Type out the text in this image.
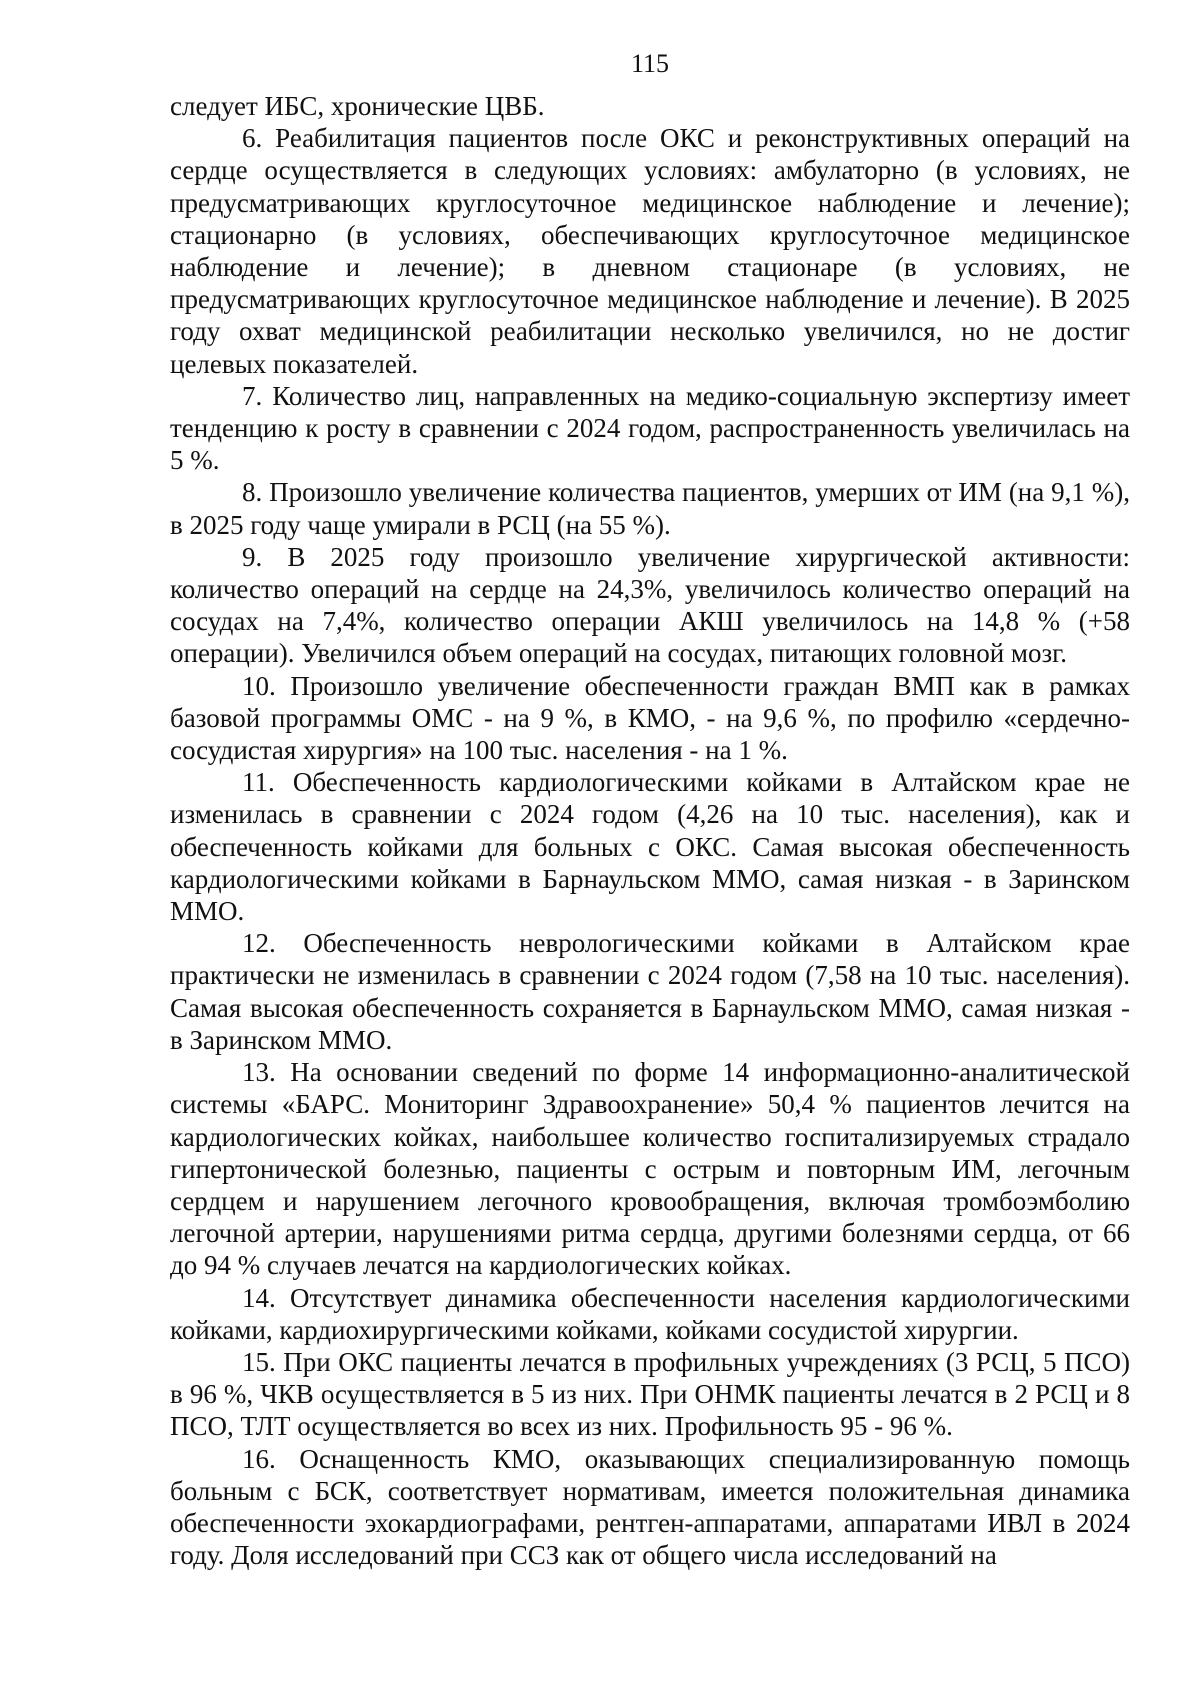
115

следует ИБС, хронические ЦВБ.

6. Реабилитация пациентов после ОКС и реконструктивных операций на сердце осуществляется в следующих условиях: амбулаторно (в условиях, не предусматривающих круглосуточное медицинское наблюдение и лечение); стационарно (в условиях, обеспечивающих круглосуточное медицинское наблюдение и лечение); в дневном стационаре (в условиях, не предусматривающих круглосуточное медицинское наблюдение и лечение). В 2025 году охват медицинской реабилитации несколько увеличился, но не достиг целевых показателей.

7. Количество лиц, направленных на медико-социальную экспертизу имеет тенденцию к росту в сравнении с 2024 годом, распространенность увеличилась на 5 %.

8. Произошло увеличение количества пациентов, умерших от ИМ (на 9,1 %), в 2025 году чаще умирали в РСЦ (на 55 %).

9. В 2025 году произошло увеличение хирургической активности: количество операций на сердце на 24,3%, увеличилось количество операций на сосудах на 7,4%, количество операции АКШ увеличилось на 14,8 % (+58 операции). Увеличился объем операций на сосудах, питающих головной мозг.

10. Произошло увеличение обеспеченности граждан ВМП как в рамках базовой программы ОМС - на 9 %, в КМО, - на 9,6 %, по профилю «сердечно-сосудистая хирургия» на 100 тыс. населения - на 1 %.

11. Обеспеченность кардиологическими койками в Алтайском крае не изменилась в сравнении с 2024 годом (4,26 на 10 тыс. населения), как и обеспеченность койками для больных с ОКС. Самая высокая обеспеченность кардиологическими койками в Барнаульском ММО, самая низкая - в Заринском ММО.

12. Обеспеченность неврологическими койками в Алтайском крае практически не изменилась в сравнении с 2024 годом (7,58 на 10 тыс. населения). Самая высокая обеспеченность сохраняется в Барнаульском ММО, самая низкая - в Заринском ММО.

13. На основании сведений по форме 14 информационно-аналитической системы «БАРС. Мониторинг Здравоохранение» 50,4 % пациентов лечится на кардиологических койках, наибольшее количество госпитализируемых страдало гипертонической болезнью, пациенты с острым и повторным ИМ, легочным сердцем и нарушением легочного кровообращения, включая тромбоэмболию легочной артерии, нарушениями ритма сердца, другими болезнями сердца, от 66 до 94 % случаев лечатся на кардиологических койках.

14. Отсутствует динамика обеспеченности населения кардиологическими койками, кардиохирургическими койками, койками сосудистой хирургии.

15. При ОКС пациенты лечатся в профильных учреждениях (3 РСЦ, 5 ПСО) в 96 %, ЧКВ осуществляется в 5 из них. При ОНМК пациенты лечатся в 2 РСЦ и 8 ПСО, ТЛТ осуществляется во всех из них. Профильность 95 - 96 %.

16. Оснащенность КМО, оказывающих специализированную помощь больным с БСК, соответствует нормативам, имеется положительная динамика обеспеченности эхокардиографами, рентген-аппаратами, аппаратами ИВЛ в 2024 году. Доля исследований при ССЗ как от общего числа исследований на
